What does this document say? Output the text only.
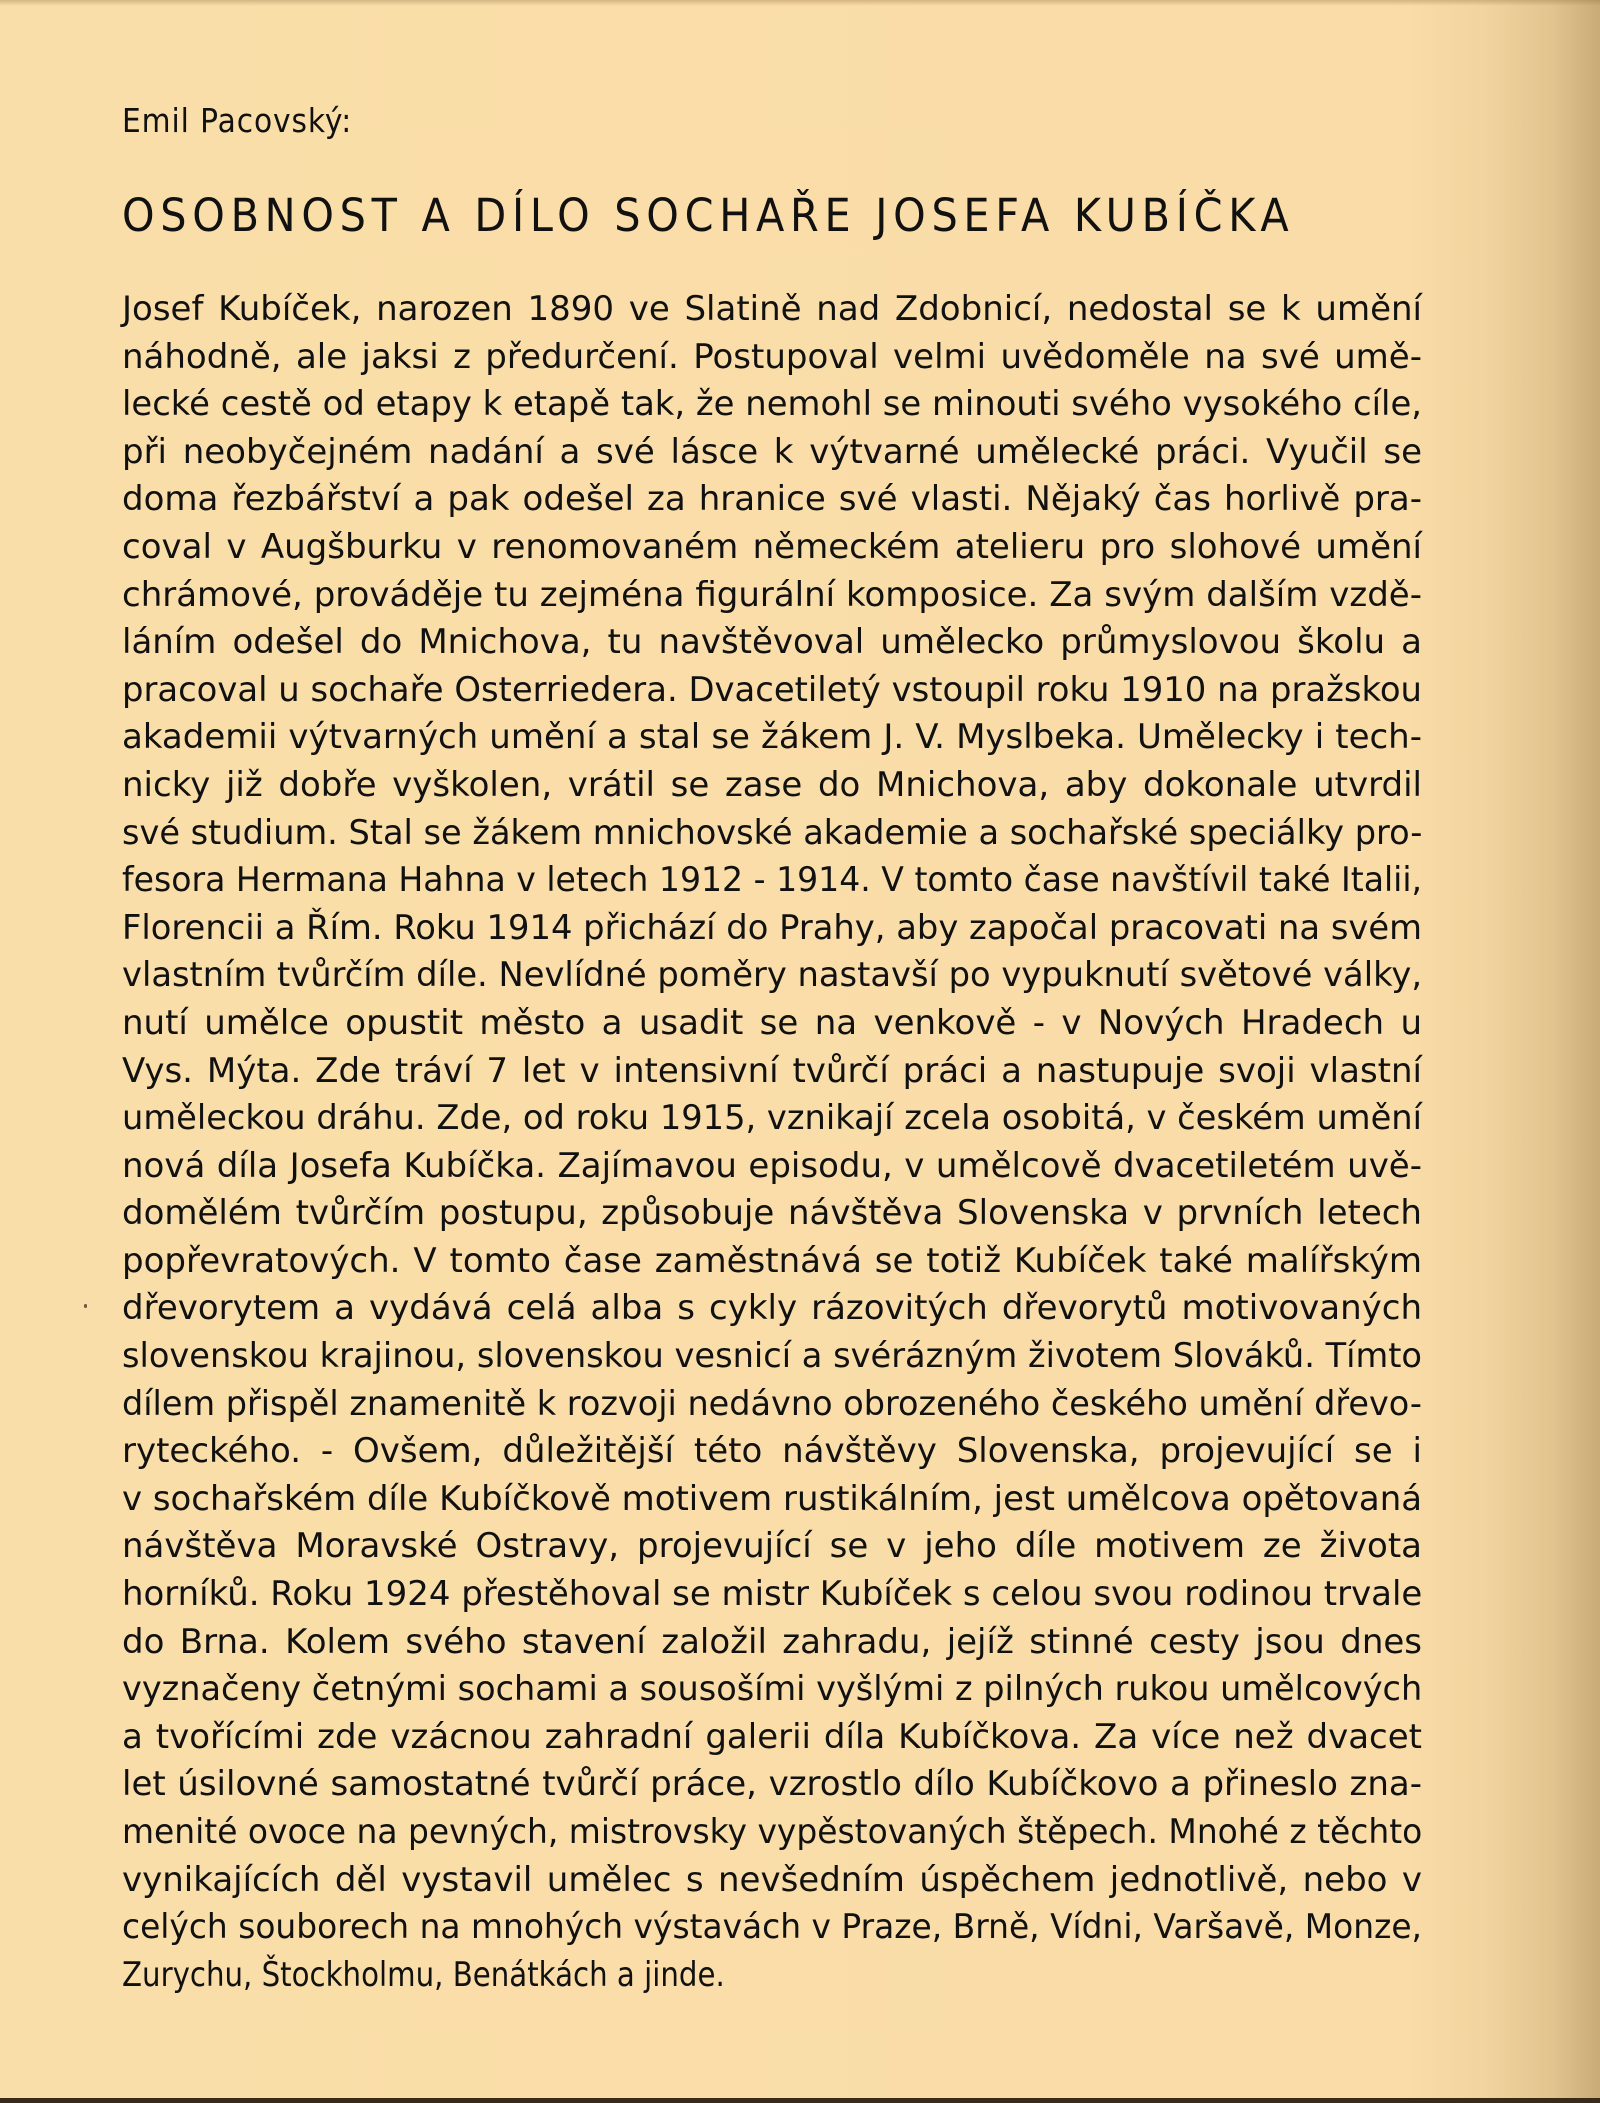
Emil Pacovský:
OSOBNOST A DÍLO SOCHAŘE JOSEFA KUBÍČKA
Josef Kubíček, narozen 1890 ve Slatině nad Zdobnicí, nedostal se k umění
náhodně, ale jaksi z předurčení. Postupoval velmi uvědoměle na své umě-
lecké cestě od etapy k etapě tak, že nemohl se minouti svého vysokého cíle,
při neobyčejném nadání a své lásce k výtvarné umělecké práci. Vyučil se
doma řezbářství a pak odešel za hranice své vlasti. Nějaký čas horlivě pra-
coval v Augšburku v renomovaném německém atelieru pro slohové umění
chrámové, prováděje tu zejména figurální komposice. Za svým dalším vzdě-
láním odešel do Mnichova, tu navštěvoval umělecko průmyslovou školu a
pracoval u sochaře Osterriedera. Dvacetiletý vstoupil roku 1910 na pražskou
akademii výtvarných umění a stal se žákem J. V. Myslbeka. Umělecky i tech-
nicky již dobře vyškolen, vrátil se zase do Mnichova, aby dokonale utvrdil
své studium. Stal se žákem mnichovské akademie a sochařské speciálky pro-
fesora Hermana Hahna v letech 1912 - 1914. V tomto čase navštívil také Italii,
Florencii a Řím. Roku 1914 přichází do Prahy, aby započal pracovati na svém
vlastním tvůrčím díle. Nevlídné poměry nastavší po vypuknutí světové války,
nutí umělce opustit město a usadit se na venkově - v Nových Hradech u
Vys. Mýta. Zde tráví 7 let v intensivní tvůrčí práci a nastupuje svoji vlastní
uměleckou dráhu. Zde, od roku 1915, vznikají zcela osobitá, v českém umění
nová díla Josefa Kubíčka. Zajímavou episodu, v umělcově dvacetiletém uvě-
domělém tvůrčím postupu, způsobuje návštěva Slovenska v prvních letech
popřevratových. V tomto čase zaměstnává se totiž Kubíček také malířským
dřevorytem a vydává celá alba s cykly rázovitých dřevorytů motivovaných
slovenskou krajinou, slovenskou vesnicí a svérázným životem Slováků. Tímto
dílem přispěl znamenitě k rozvoji nedávno obrozeného českého umění dřevo-
ryteckého. - Ovšem, důležitější této návštěvy Slovenska, projevující se i
v sochařském díle Kubíčkově motivem rustikálním, jest umělcova opětovaná
návštěva Moravské Ostravy, projevující se v jeho díle motivem ze života
horníků. Roku 1924 přestěhoval se mistr Kubíček s celou svou rodinou trvale
do Brna. Kolem svého stavení založil zahradu, jejíž stinné cesty jsou dnes
vyznačeny četnými sochami a sousošími vyšlými z pilných rukou umělcových
a tvořícími zde vzácnou zahradní galerii díla Kubíčkova. Za více než dvacet
let úsilovné samostatné tvůrčí práce, vzrostlo dílo Kubíčkovo a přineslo zna-
menité ovoce na pevných, mistrovsky vypěstovaných štěpech. Mnohé z těchto
vynikajících děl vystavil umělec s nevšedním úspěchem jednotlivě, nebo v
celých souborech na mnohých výstavách v Praze, Brně, Vídni, Varšavě, Monze,
Zurychu, Štockholmu, Benátkách a jinde.
